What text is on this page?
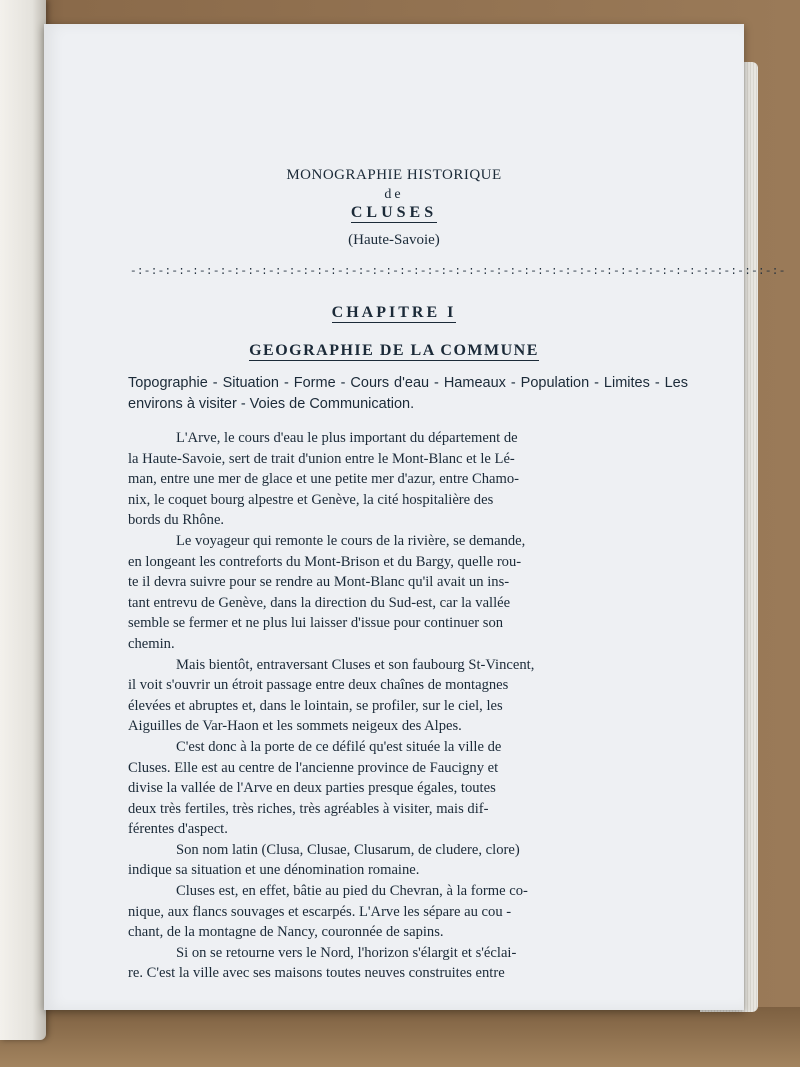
MONOGRAPHIE HISTORIQUE
de
CLUSES
(Haute-Savoie)
-:-:-:-:-:-:-:-:-:-:-:-:-:-:-:-:-:-:-:-:-:-:-:-:-:-:-:-:-:-:-:-:-:-:-:-:-:-:-:-:-:-:-:-:-:-:-:-
CHAPITRE I
GEOGRAPHIE DE LA COMMUNE
Topographie - Situation - Forme - Cours d'eau - Hameaux - Population - Limites - Les environs à visiter - Voies de Communication.
L'Arve, le cours d'eau le plus important du département de
la Haute-Savoie, sert de trait d'union entre le Mont-Blanc et le Lé-
man, entre une mer de glace et une petite mer d'azur, entre Chamo-
nix, le coquet bourg alpestre et Genève, la cité hospitalière des
bords du Rhône.
Le voyageur qui remonte le cours de la rivière, se demande,
en longeant les contreforts du Mont-Brison et du Bargy, quelle rou-
te il devra suivre pour se rendre au Mont-Blanc qu'il avait un ins-
tant entrevu de Genève, dans la direction du Sud-est, car la vallée
semble se fermer et ne plus lui laisser d'issue pour continuer son
chemin.
Mais bientôt, entraversant Cluses et son faubourg St-Vincent,
il voit s'ouvrir un étroit passage entre deux chaînes de montagnes
élevées et abruptes et, dans le lointain, se profiler, sur le ciel, les
Aiguilles de Var-Haon et les sommets neigeux des Alpes.
C'est donc à la porte de ce défilé qu'est située la ville de
Cluses. Elle est au centre de l'ancienne province de Faucigny et
divise la vallée de l'Arve en deux parties presque égales, toutes
deux très fertiles, très riches, très agréables à visiter, mais dif-
férentes d'aspect.
Son nom latin (Clusa, Clusae, Clusarum, de cludere, clore)
indique sa situation et une dénomination romaine.
Cluses est, en effet, bâtie au pied du Chevran, à la forme co-
nique, aux flancs souvages et escarpés. L'Arve les sépare au cou -
chant, de la montagne de Nancy, couronnée de sapins.
Si on se retourne vers le Nord, l'horizon s'élargit et s'éclai-
re. C'est la ville avec ses maisons toutes neuves construites entre
